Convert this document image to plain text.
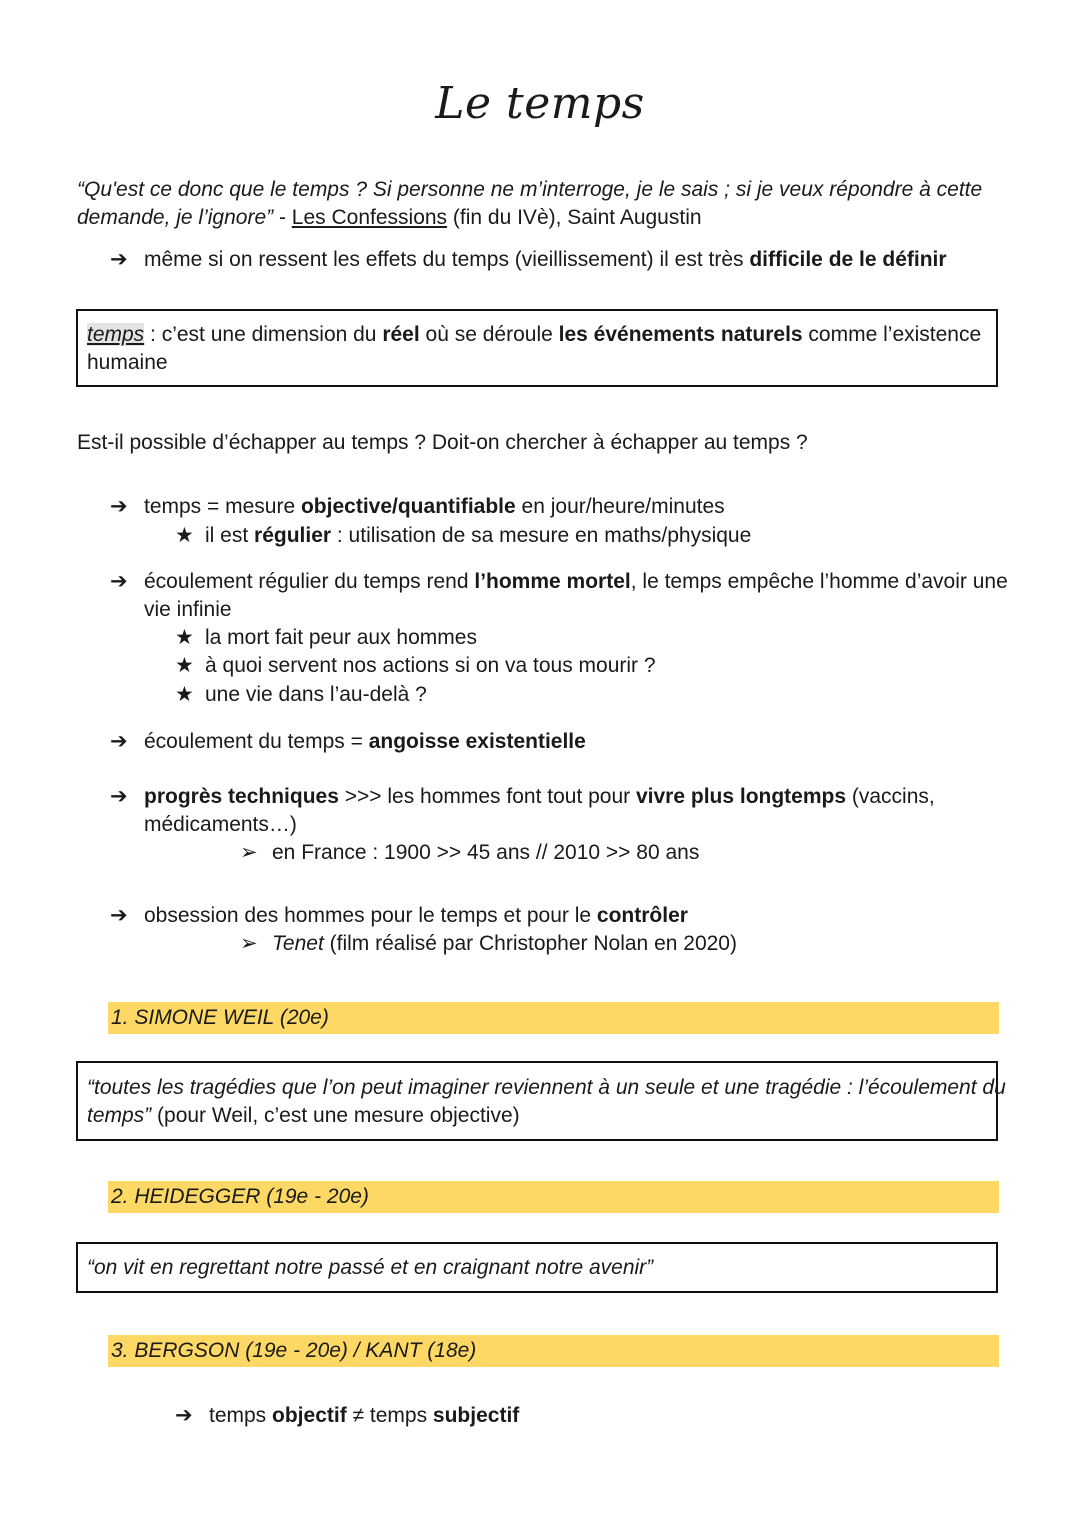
Le temps
“Qu'est ce donc que le temps ? Si personne ne m’interroge, je le sais ; si je veux répondre à cette
demande, je l’ignore” - Les Confessions (fin du IVè), Saint Augustin
➔ même si on ressent les effets du temps (vieillissement) il est très difficile de le définir
temps : c’est une dimension du réel où se déroule les événements naturels comme l’existence
humaine
Est-il possible d’échapper au temps ? Doit-on chercher à échapper au temps ?
➔ temps = mesure objective/quantifiable en jour/heure/minutes
★ il est régulier : utilisation de sa mesure en maths/physique
➔ écoulement régulier du temps rend l’homme mortel, le temps empêche l’homme d’avoir une
vie infinie
★ la mort fait peur aux hommes
★ à quoi servent nos actions si on va tous mourir ?
★ une vie dans l’au-delà ?
➔ écoulement du temps = angoisse existentielle
➔ progrès techniques >>> les hommes font tout pour vivre plus longtemps (vaccins,
médicaments…)
➢ en France : 1900 >> 45 ans // 2010 >> 80 ans
➔ obsession des hommes pour le temps et pour le contrôler
➢ Tenet (film réalisé par Christopher Nolan en 2020)
1. SIMONE WEIL (20e)
“toutes les tragédies que l’on peut imaginer reviennent à un seule et une tragédie : l’écoulement du
temps” (pour Weil, c’est une mesure objective)
2. HEIDEGGER (19e - 20e)
“on vit en regrettant notre passé et en craignant notre avenir”
3. BERGSON (19e - 20e) / KANT (18e)
➔ temps objectif ≠ temps subjectif
